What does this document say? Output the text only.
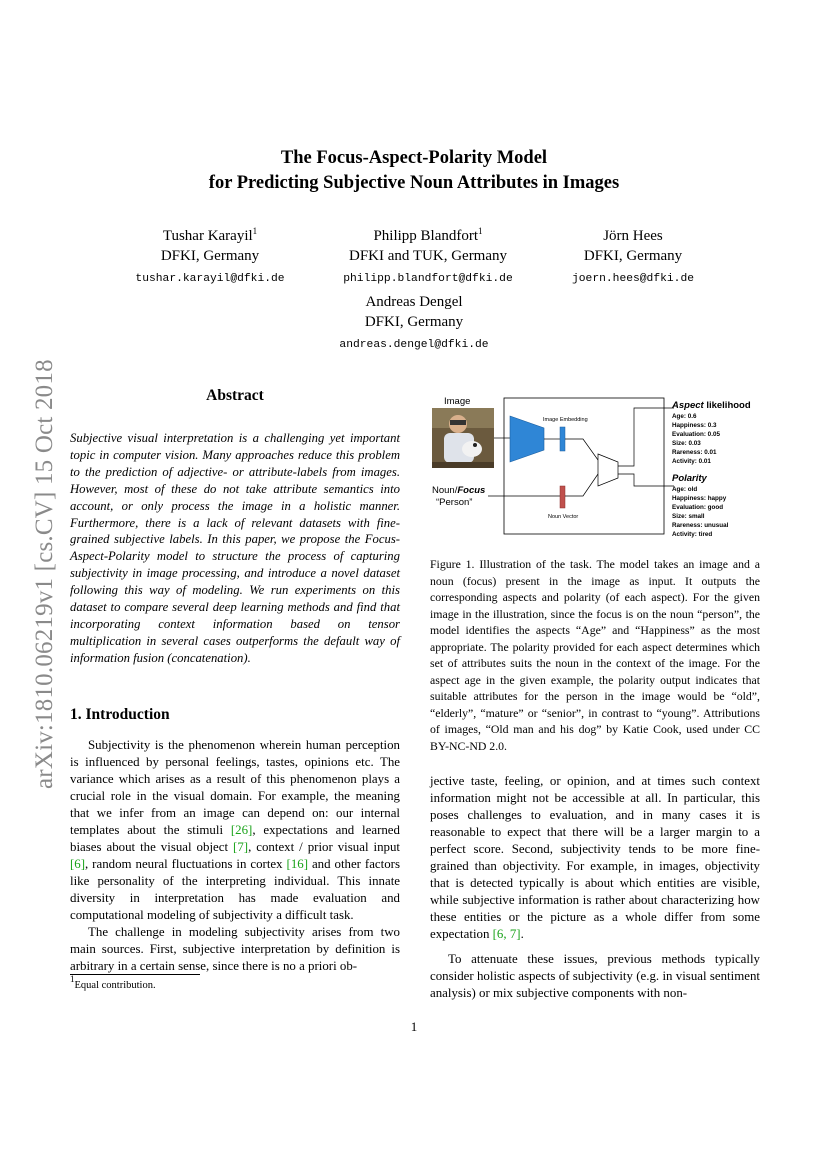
arXiv:1810.06219v1 [cs.CV] 15 Oct 2018
The Focus-Aspect-Polarity Model
for Predicting Subjective Noun Attributes in Images
Tushar Karayil$^1$
DFKI, Germany
tushar.karayil@dfki.de
Philipp Blandfort$^1$
DFKI and TUK, Germany
philipp.blandfort@dfki.de
Jörn Hees
DFKI, Germany
joern.hees@dfki.de
Andreas Dengel
DFKI, Germany
andreas.dengel@dfki.de
Abstract
Subjective visual interpretation is a challenging yet important topic in computer vision. Many approaches reduce this problem to the prediction of adjective- or attribute-labels from images. However, most of these do not take attribute semantics into account, or only process the image in a holistic manner. Furthermore, there is a lack of relevant datasets with fine-grained subjective labels. In this paper, we propose the Focus-Aspect-Polarity model to structure the process of capturing subjectivity in image processing, and introduce a novel dataset following this way of modeling. We run experiments on this dataset to compare several deep learning methods and find that incorporating context information based on tensor multiplication in several cases outperforms the default way of information fusion (concatenation).
1. Introduction

Subjectivity is the phenomenon wherein human perception is influenced by personal feelings, tastes, opinions etc. The variance which arises as a result of this phenomenon plays a crucial role in the visual domain. For example, the meaning that we infer from an image can depend on: our internal templates about the stimuli [26], expectations and learned biases about the visual object [7], context / prior visual input [6], random neural fluctuations in cortex [16] and other factors like personality of the interpreting individual. This innate diversity in interpretation has made evaluation and computational modeling of subjectivity a difficult task.

The challenge in modeling subjectivity arises from two main sources. First, subjective interpretation by definition is arbitrary in a certain sense, since there is no a priori ob-

$^1$Equal contribution.
Image
Noun/Focus
“Person”
Image Embedding
Noun Vector
Aspect likelihood
Age: 0.6
Happiness: 0.3
Evaluation: 0.05
Size: 0.03
Rareness: 0.01
Activity: 0.01
Polarity
Age: old
Happiness: happy
Evaluation: good
Size: small
Rareness: unusual
Activity: tired
Figure 1. Illustration of the task. The model takes an image and a noun (focus) present in the image as input. It outputs the corresponding aspects and polarity (of each aspect). For the given image in the illustration, since the focus is on the noun “person”, the model identifies the aspects “Age” and “Happiness” as the most appropriate. The polarity provided for each aspect determines which set of attributes suits the noun in the context of the image. For the aspect age in the given example, the polarity output indicates that suitable attributes for the person in the image would be “old”, “elderly”, “mature” or “senior”, in contrast to “young”. Attributions of images, “Old man and his dog” by Katie Cook, used under CC BY-NC-ND 2.0.

jective taste, feeling, or opinion, and at times such context information might not be accessible at all. In particular, this poses challenges to evaluation, and in many cases it is reasonable to expect that there will be a larger margin to a perfect score. Second, subjectivity tends to be more fine-grained than objectivity. For example, in images, objectivity that is detected typically is about which entities are visible, while subjective information is rather about characterizing how these entities or the picture as a whole differ from some expectation [6, 7].

To attenuate these issues, previous methods typically consider holistic aspects of subjectivity (e.g. in visual sentiment analysis) or mix subjective components with non-

1
